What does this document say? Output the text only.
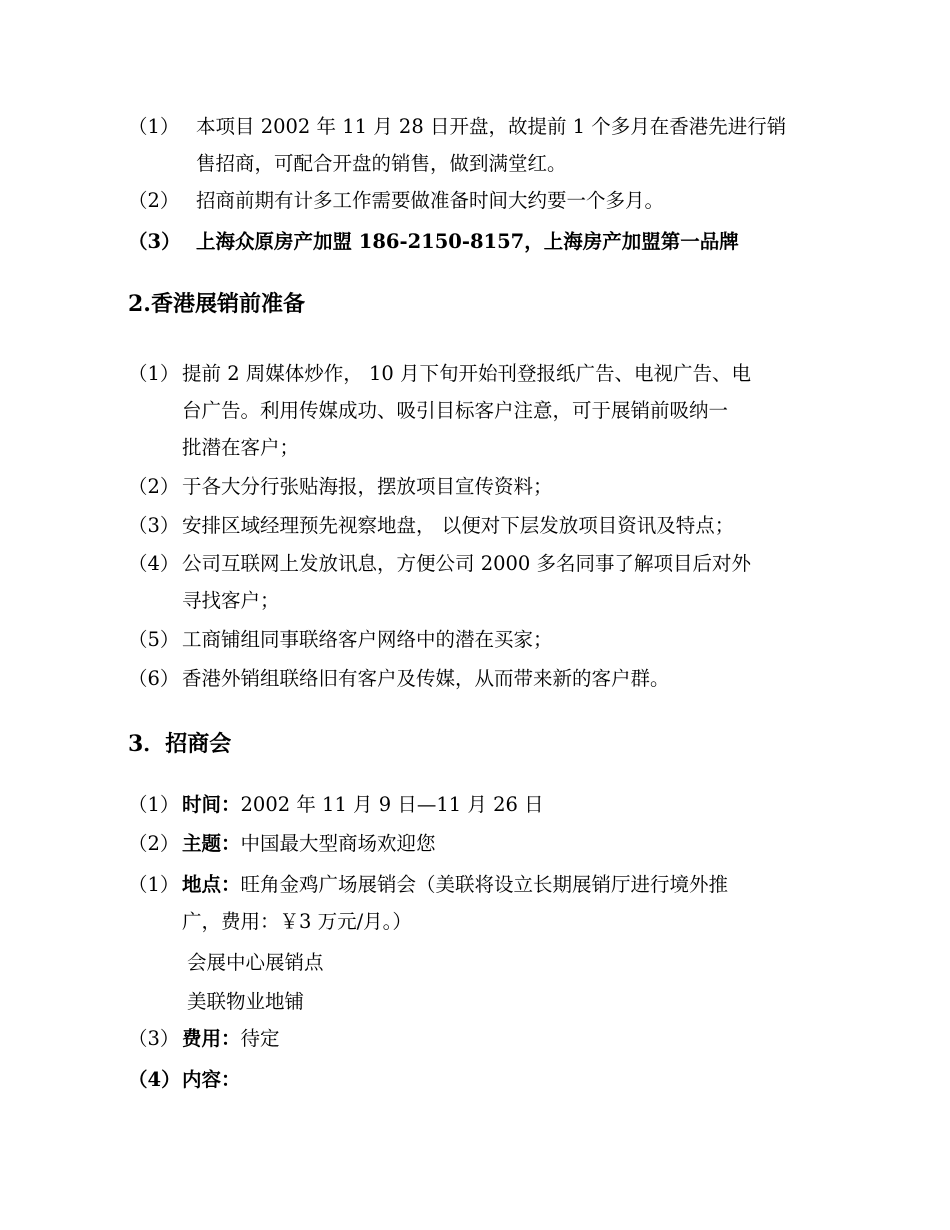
（1） 本项目 2002 年 11 月 28 日开盘，故提前 1 个多月在香港先进行销
售招商，可配合开盘的销售，做到满堂红。
（2） 招商前期有计多工作需要做准备时间大约要一个多月。
（3） 上海众原房产加盟 186-2150-8157，上海房产加盟第一品牌
2.香港展销前准备
（1） 提前 2 周媒体炒作， 10 月下旬开始刊登报纸广告、电视广告、电
台广告。利用传媒成功、吸引目标客户注意，可于展销前吸纳一
批潜在客户；
（2） 于各大分行张贴海报，摆放项目宣传资料；
（3） 安排区域经理预先视察地盘， 以便对下层发放项目资讯及特点；
（4） 公司互联网上发放讯息，方便公司 2000 多名同事了解项目后对外
寻找客户；
（5） 工商铺组同事联络客户网络中的潜在买家；
（6） 香港外销组联络旧有客户及传媒，从而带来新的客户群。
3．招商会
（1） 时间：2002 年 11 月 9 日—11 月 26 日
（2） 主题：中国最大型商场欢迎您
（1） 地点：旺角金鸡广场展销会（美联将设立长期展销厅进行境外推
广，费用：￥3 万元/月。）
会展中心展销点
美联物业地铺
（3） 费用：待定
（4） 内容：
